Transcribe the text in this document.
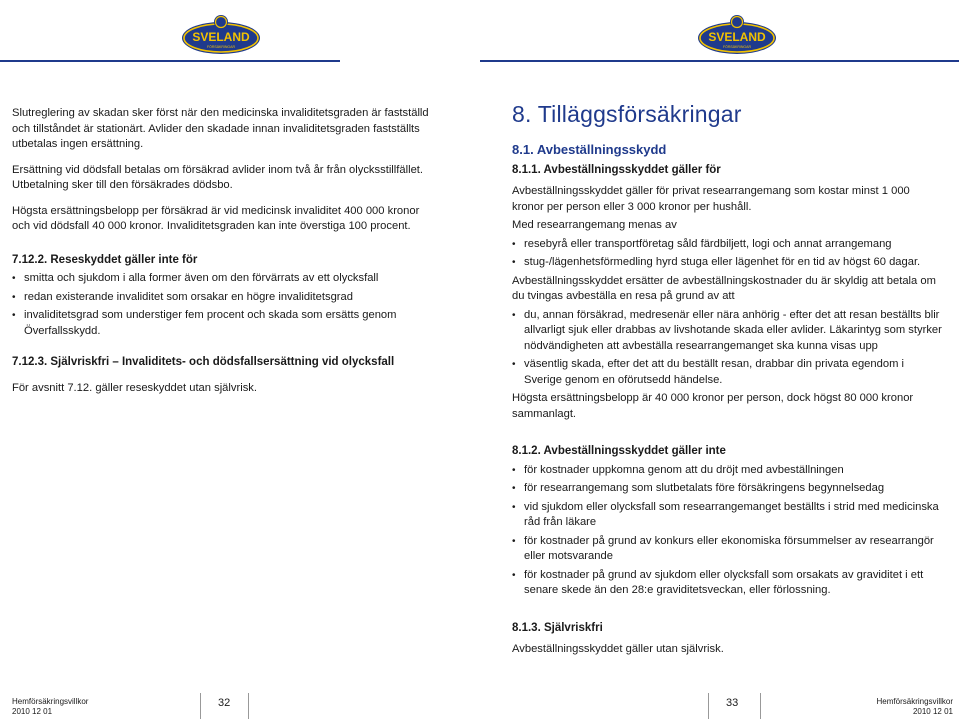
SVELAND
FÖRSÄKRINGAR

Slutreglering av skadan sker först när den medicinska invaliditetsgraden är fastställd och tillståndet är stationärt. Avlider den skadade innan invaliditetsgraden fastställts utbetalas ingen ersättning.

Ersättning vid dödsfall betalas om försäkrad avlider inom två år från olycksstillfället. Utbetalning sker till den försäkrades dödsbo.

Högsta ersättningsbelopp per försäkrad är vid medicinsk invaliditet 400 000 kronor och vid dödsfall 40 000 kronor. Invaliditetsgraden kan inte överstiga 100 procent.

7.12.2. Reseskyddet gäller inte för

• smitta och sjukdom i alla former även om den förvärrats av ett olycksfall
• redan existerande invaliditet som orsakar en högre invaliditetsgrad
• invaliditetsgrad som understiger fem procent och skada som ersätts genom Överfallsskydd.

7.12.3. Självriskfri – Invaliditets- och dödsfallsersättning vid olycksfall

För avsnitt 7.12. gäller reseskyddet utan självrisk.

Hemförsäkringsvillkor
2010 12 01
32
SVELAND
FÖRSÄKRINGAR
8. Tilläggsförsäkringar
8.1. Avbeställningsskydd

8.1.1. Avbeställningsskyddet gäller för

Avbeställningsskyddet gäller för privat researrangemang som kostar minst 1 000 kronor per person eller 3 000 kronor per hushåll.

Med researrangemang menas av

• resebyrå eller transportföretag såld färdbiljett, logi och annat arrangemang
• stug-/lägenhetsförmedling hyrd stuga eller lägenhet för en tid av högst 60 dagar.

Avbeställningsskyddet ersätter de avbeställningskostnader du är skyldig att betala om du tvingas avbeställa en resa på grund av att

• du, annan försäkrad, medresenär eller nära anhörig - efter det att resan beställts blir allvarligt sjuk eller drabbas av livshotande skada eller avlider. Läkarintyg som styrker nödvändigheten att avbeställa researrangemanget ska kunna visas upp
• väsentlig skada, efter det att du beställt resan, drabbar din privata egendom i Sverige genom en oförutsedd händelse.

Högsta ersättningsbelopp är 40 000 kronor per person, dock högst 80 000 kronor sammanlagt.

8.1.2. Avbeställningsskyddet gäller inte

• för kostnader uppkomna genom att du dröjt med avbeställningen
• för researrangemang som slutbetalats före försäkringens begynnelsedag
• vid sjukdom eller olycksfall som researrangemanget beställts i strid med medicinska råd från läkare
• för kostnader på grund av konkurs eller ekonomiska försummelser av researrangör eller motsvarande
• för kostnader på grund av sjukdom eller olycksfall som orsakats av graviditet i ett senare skede än den 28:e graviditetsveckan, eller förlossning.

8.1.3. Självriskfri

Avbeställningsskyddet gäller utan självrisk.

33	Hemförsäkringsvillkor
2010 12 01
